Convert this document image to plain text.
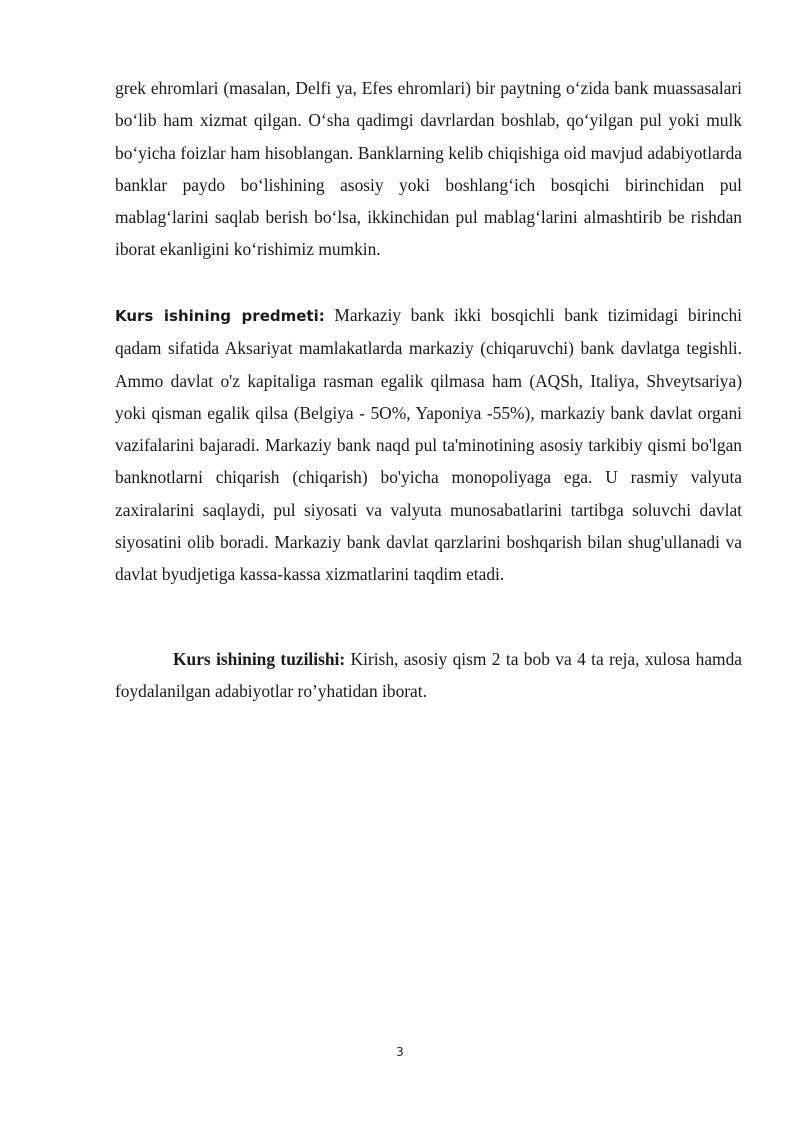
grek ehromlari (masalan, Delfi ya, Efes ehromlari) bir paytning o‘zida bank muassasalari bo‘lib ham xizmat qilgan. O‘sha qadimgi davrlardan boshlab, qo‘yilgan pul yoki mulk bo‘yicha foizlar ham hisoblangan. Banklarning kelib chiqishiga oid mavjud adabiyotlarda banklar paydo bo‘lishining asosiy yoki boshlang‘ich bosqichi birinchidan pul mablag‘larini saqlab berish bo‘lsa, ikkinchidan pul mablag‘larini almashtirib be rishdan iborat ekanligini ko‘rishimiz mumkin.

Kurs ishining predmeti: Markaziy bank ikki bosqichli bank tizimidagi birinchi qadam sifatida Aksariyat mamlakatlarda markaziy (chiqaruvchi) bank davlatga tegishli. Ammo davlat o'z kapitaliga rasman egalik qilmasa ham (AQSh, Italiya, Shveytsariya) yoki qisman egalik qilsa (Belgiya - 5O%, Yaponiya -55%), markaziy bank davlat organi vazifalarini bajaradi. Markaziy bank naqd pul ta'minotining asosiy tarkibiy qismi bo'lgan banknotlarni chiqarish (chiqarish) bo'yicha monopoliyaga ega. U rasmiy valyuta zaxiralarini saqlaydi, pul siyosati va valyuta munosabatlarini tartibga soluvchi davlat siyosatini olib boradi. Markaziy bank davlat qarzlarini boshqarish bilan shug'ullanadi va davlat byudjetiga kassa-kassa xizmatlarini taqdim etadi.

Kurs ishining tuzilishi: Kirish, asosiy qism 2 ta bob va 4 ta reja, xulosa hamda foydalanilgan adabiyotlar ro’yhatidan iborat.

3
